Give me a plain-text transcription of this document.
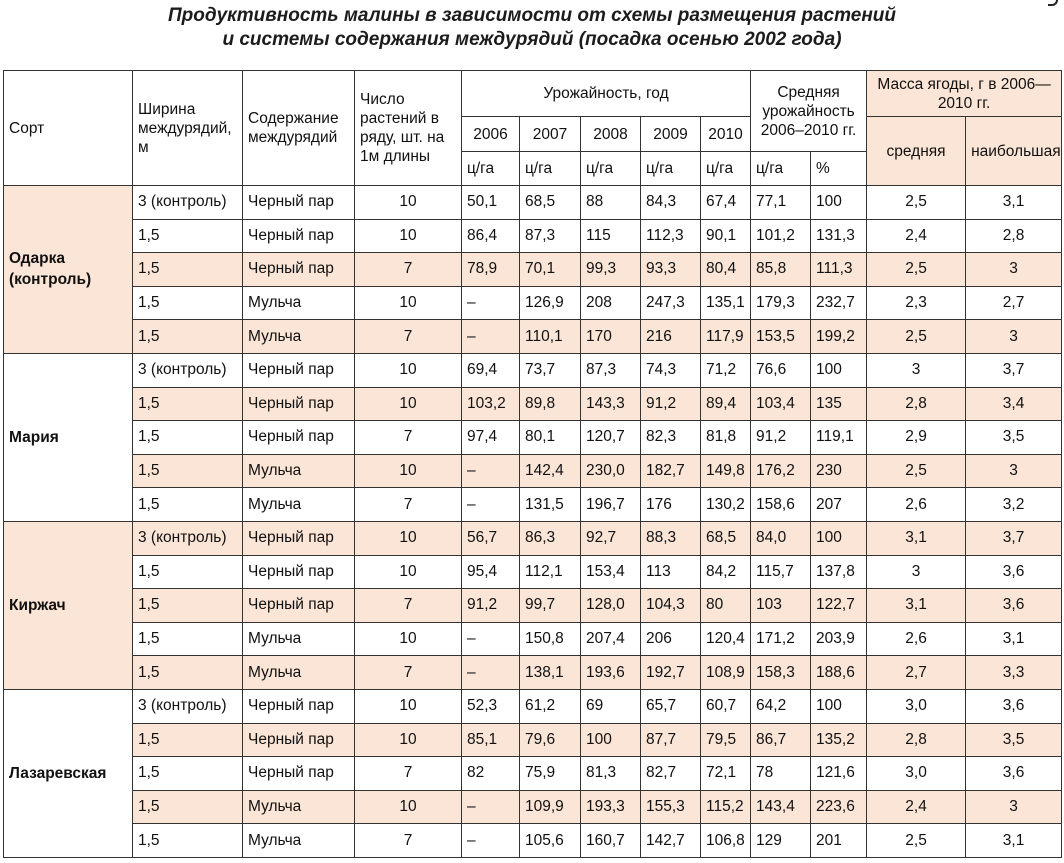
Продуктивность малины в зависимости от схемы размещения растений
и системы содержания междурядий (посадка осенью 2002 года)
Сорт	Ширина междурядий, м	Содержание междурядий	Число растений в ряду, шт. на 1м длины	Урожайность, год					Средняя урожайность 2006–2010 гг.		Масса ягоды, г в 2006—2010 гг.	
				2006	2007	2008	2009	2010			средняя	наибольшая
				ц/га	ц/га	ц/га	ц/га	ц/га	ц/га	%		
Одарка (контроль)	3 (контроль)	Черный пар	10	50,1	68,5	88	84,3	67,4	77,1	100	2,5	3,1
	1,5	Черный пар	10	86,4	87,3	115	112,3	90,1	101,2	131,3	2,4	2,8
	1,5	Черный пар	7	78,9	70,1	99,3	93,3	80,4	85,8	111,3	2,5	3
	1,5	Мульча	10	–	126,9	208	247,3	135,1	179,3	232,7	2,3	2,7
	1,5	Мульча	7	–	110,1	170	216	117,9	153,5	199,2	2,5	3
Мария	3 (контроль)	Черный пар	10	69,4	73,7	87,3	74,3	71,2	76,6	100	3	3,7
	1,5	Черный пар	10	103,2	89,8	143,3	91,2	89,4	103,4	135	2,8	3,4
	1,5	Черный пар	7	97,4	80,1	120,7	82,3	81,8	91,2	119,1	2,9	3,5
	1,5	Мульча	10	–	142,4	230,0	182,7	149,8	176,2	230	2,5	3
	1,5	Мульча	7	–	131,5	196,7	176	130,2	158,6	207	2,6	3,2
Киржач	3 (контроль)	Черный пар	10	56,7	86,3	92,7	88,3	68,5	84,0	100	3,1	3,7
	1,5	Черный пар	10	95,4	112,1	153,4	113	84,2	115,7	137,8	3	3,6
	1,5	Черный пар	7	91,2	99,7	128,0	104,3	80	103	122,7	3,1	3,6
	1,5	Мульча	10	–	150,8	207,4	206	120,4	171,2	203,9	2,6	3,1
	1,5	Мульча	7	–	138,1	193,6	192,7	108,9	158,3	188,6	2,7	3,3
Лазаревская	3 (контроль)	Черный пар	10	52,3	61,2	69	65,7	60,7	64,2	100	3,0	3,6
	1,5	Черный пар	10	85,1	79,6	100	87,7	79,5	86,7	135,2	2,8	3,5
	1,5	Черный пар	7	82	75,9	81,3	82,7	72,1	78	121,6	3,0	3,6
	1,5	Мульча	10	–	109,9	193,3	155,3	115,2	143,4	223,6	2,4	3
	1,5	Мульча	7	–	105,6	160,7	142,7	106,8	129	201	2,5	3,1
